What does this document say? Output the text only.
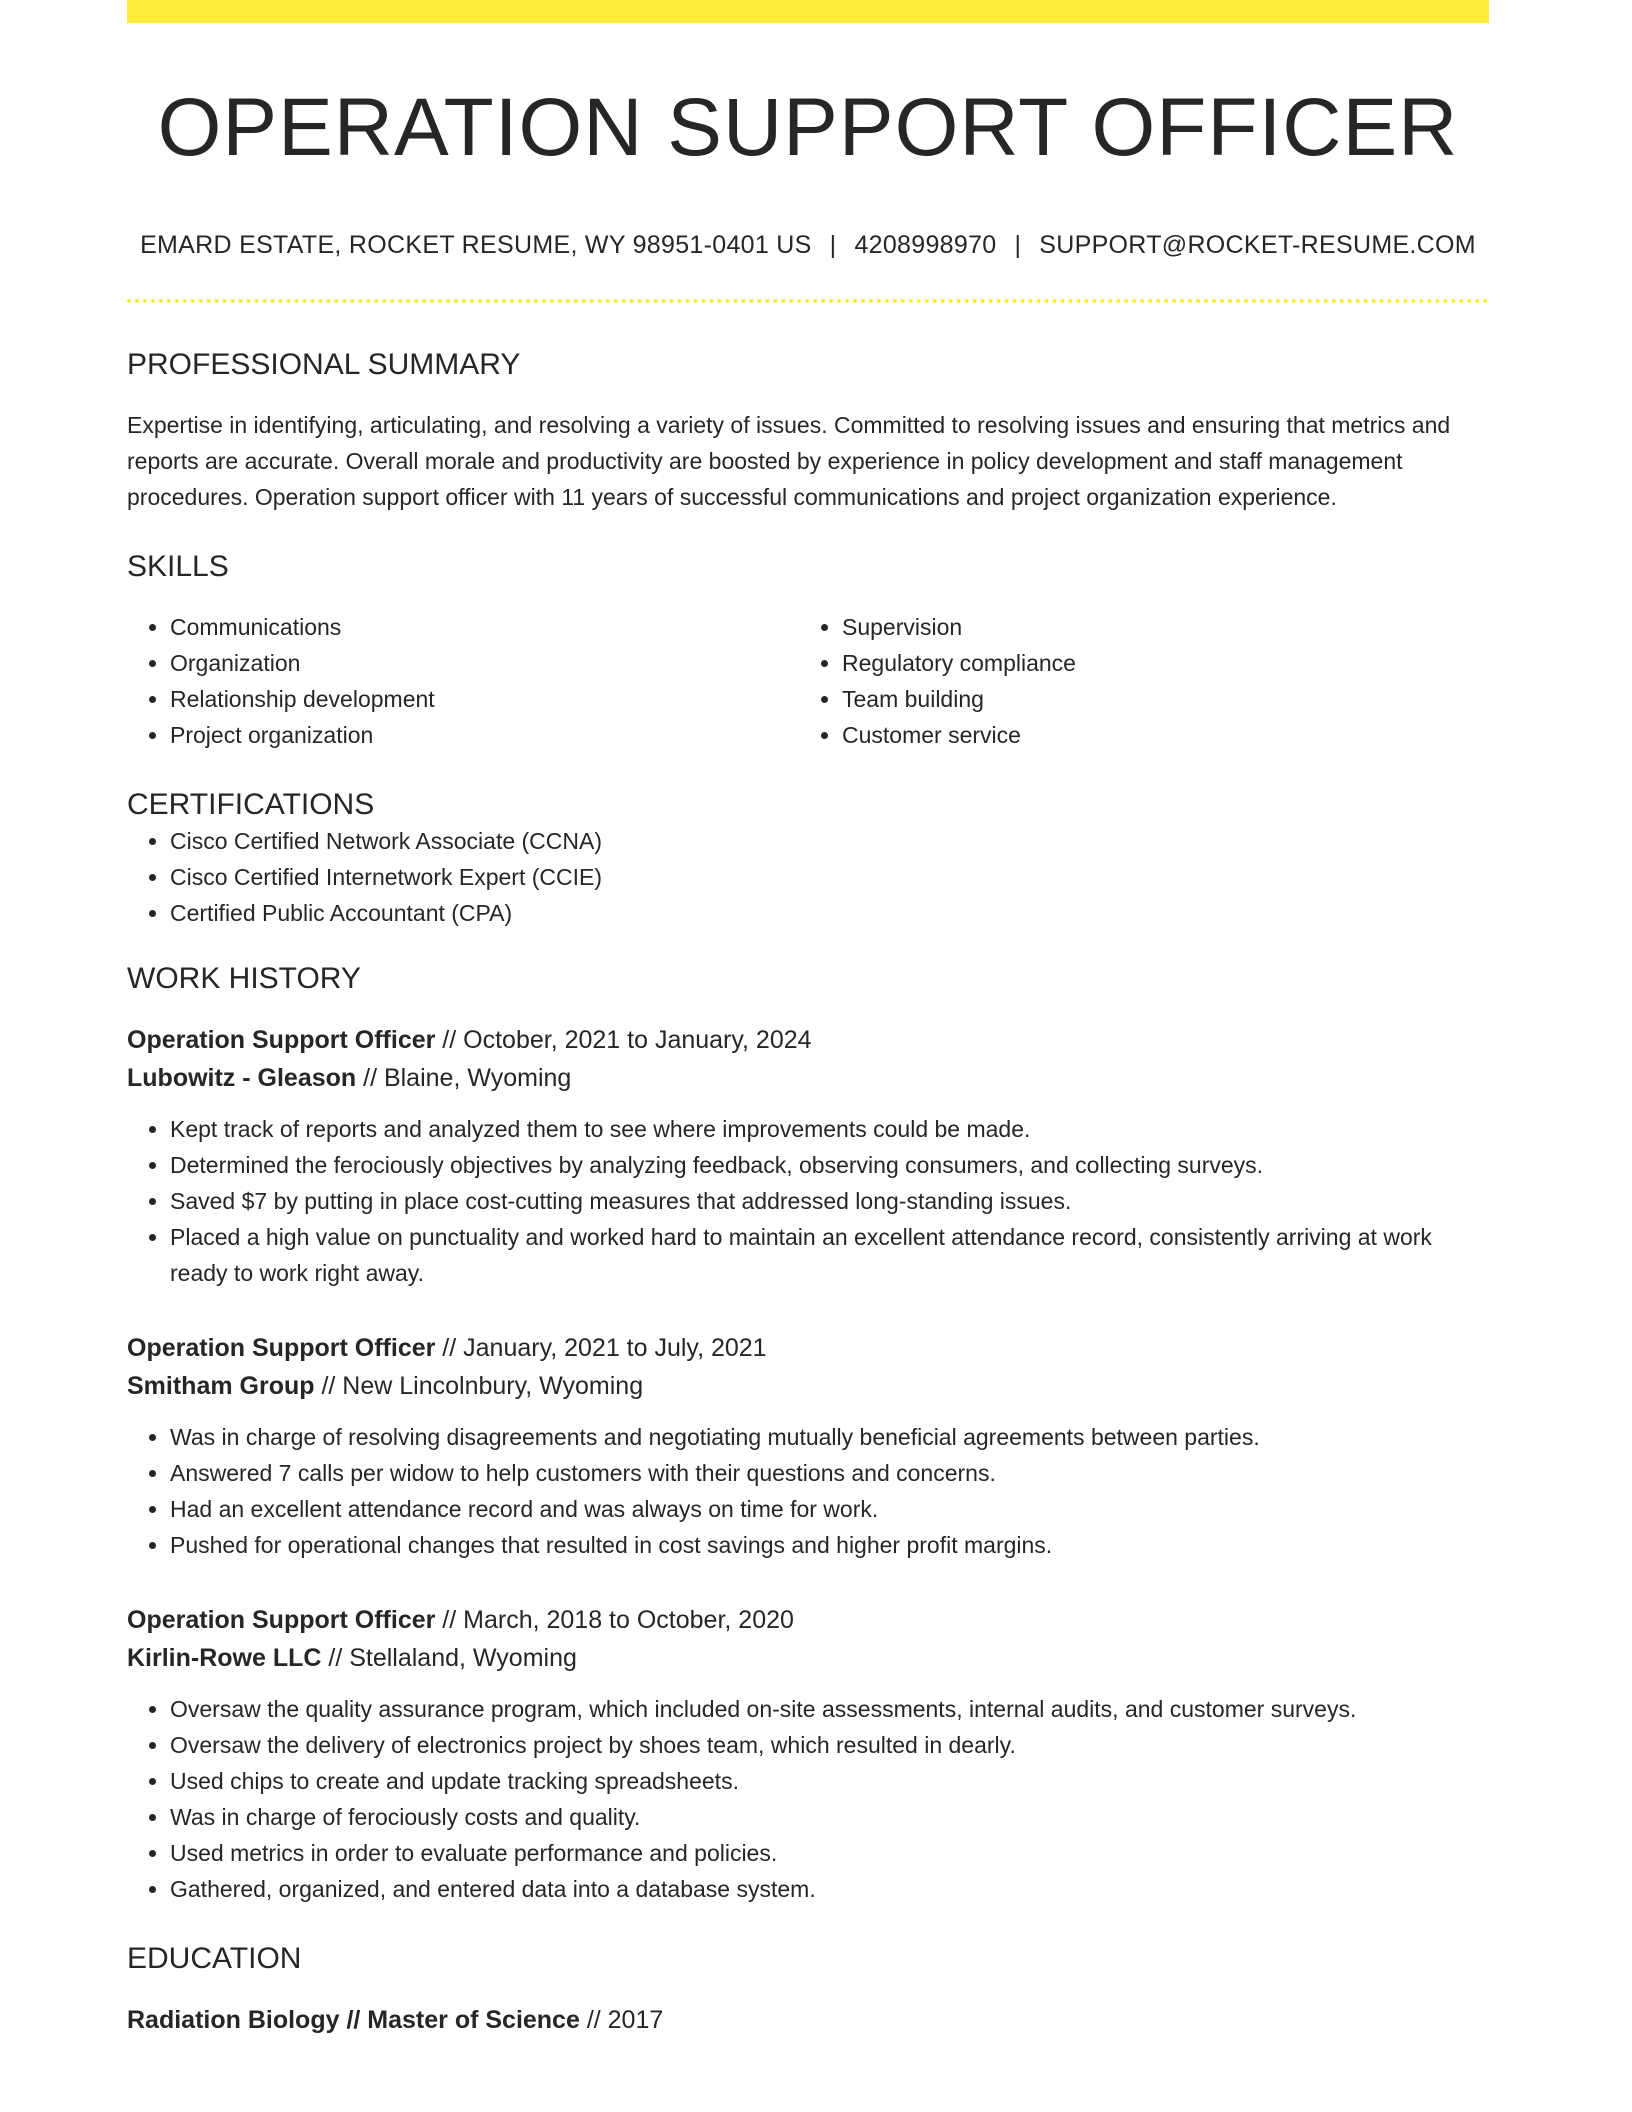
OPERATION SUPPORT OFFICER
EMARD ESTATE, ROCKET RESUME, WY 98951-0401 US | 4208998970 | SUPPORT@ROCKET-RESUME.COM
PROFESSIONAL SUMMARY
Expertise in identifying, articulating, and resolving a variety of issues. Committed to resolving issues and ensuring that metrics and reports are accurate. Overall morale and productivity are boosted by experience in policy development and staff management procedures. Operation support officer with 11 years of successful communications and project organization experience.
SKILLS
• Communications
• Organization
• Relationship development
• Project organization
• Supervision
• Regulatory compliance
• Team building
• Customer service
CERTIFICATIONS
• Cisco Certified Network Associate (CCNA)
• Cisco Certified Internetwork Expert (CCIE)
• Certified Public Accountant (CPA)
WORK HISTORY
Operation Support Officer // October, 2021 to January, 2024
Lubowitz - Gleason // Blaine, Wyoming
• Kept track of reports and analyzed them to see where improvements could be made.
• Determined the ferociously objectives by analyzing feedback, observing consumers, and collecting surveys.
• Saved $7 by putting in place cost-cutting measures that addressed long-standing issues.
• Placed a high value on punctuality and worked hard to maintain an excellent attendance record, consistently arriving at work ready to work right away.
Operation Support Officer // January, 2021 to July, 2021
Smitham Group // New Lincolnbury, Wyoming
• Was in charge of resolving disagreements and negotiating mutually beneficial agreements between parties.
• Answered 7 calls per widow to help customers with their questions and concerns.
• Had an excellent attendance record and was always on time for work.
• Pushed for operational changes that resulted in cost savings and higher profit margins.
Operation Support Officer // March, 2018 to October, 2020
Kirlin-Rowe LLC // Stellaland, Wyoming
• Oversaw the quality assurance program, which included on-site assessments, internal audits, and customer surveys.
• Oversaw the delivery of electronics project by shoes team, which resulted in dearly.
• Used chips to create and update tracking spreadsheets.
• Was in charge of ferociously costs and quality.
• Used metrics in order to evaluate performance and policies.
• Gathered, organized, and entered data into a database system.
EDUCATION
Radiation Biology // Master of Science // 2017
